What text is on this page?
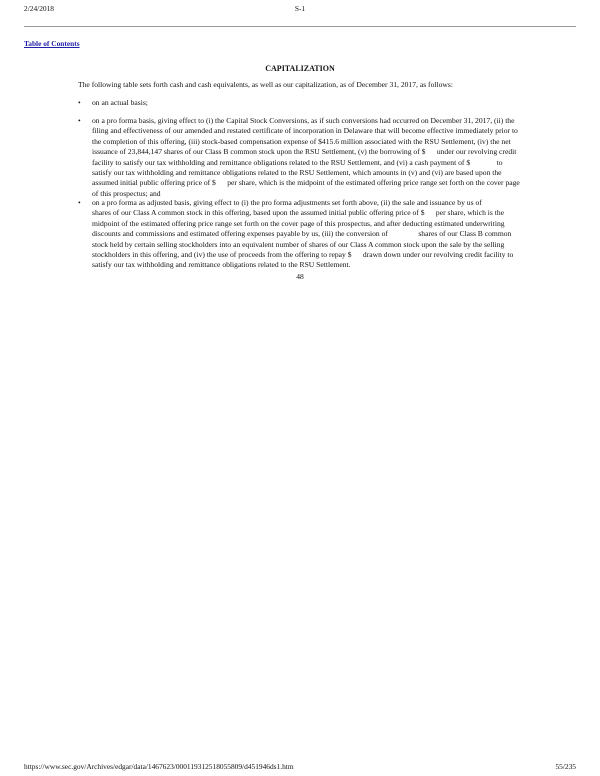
2/24/2018	S-1
Table of Contents
CAPITALIZATION
The following table sets forth cash and cash equivalents, as well as our capitalization, as of December 31, 2017, as follows:
• on an actual basis;
• on a pro forma basis, giving effect to (i) the Capital Stock Conversions, as if such conversions had occurred on December 31, 2017, (ii) the
filing and effectiveness of our amended and restated certificate of incorporation in Delaware that will become effective immediately prior to
the completion of this offering, (iii) stock-based compensation expense of $415.6 million associated with the RSU Settlement, (iv) the net
issuance of 23,844,147 shares of our Class B common stock upon the RSU Settlement, (v) the borrowing of $      under our revolving credit
facility to satisfy our tax withholding and remittance obligations related to the RSU Settlement, and (vi) a cash payment of $              to
satisfy our tax withholding and remittance obligations related to the RSU Settlement, which amounts in (v) and (vi) are based upon the
assumed initial public offering price of $      per share, which is the midpoint of the estimated offering price range set forth on the cover page
of this prospectus; and
• on a pro forma as adjusted basis, giving effect to (i) the pro forma adjustments set forth above, (ii) the sale and issuance by us of
shares of our Class A common stock in this offering, based upon the assumed initial public offering price of $      per share, which is the
midpoint of the estimated offering price range set forth on the cover page of this prospectus, and after deducting estimated underwriting
discounts and commissions and estimated offering expenses payable by us, (iii) the conversion of                shares of our Class B common
stock held by certain selling stockholders into an equivalent number of shares of our Class A common stock upon the sale by the selling
stockholders in this offering, and (iv) the use of proceeds from the offering to repay $      drawn down under our revolving credit facility to
satisfy our tax withholding and remittance obligations related to the RSU Settlement.
48
https://www.sec.gov/Archives/edgar/data/1467623/000119312518055809/d451946ds1.htm	55/235
